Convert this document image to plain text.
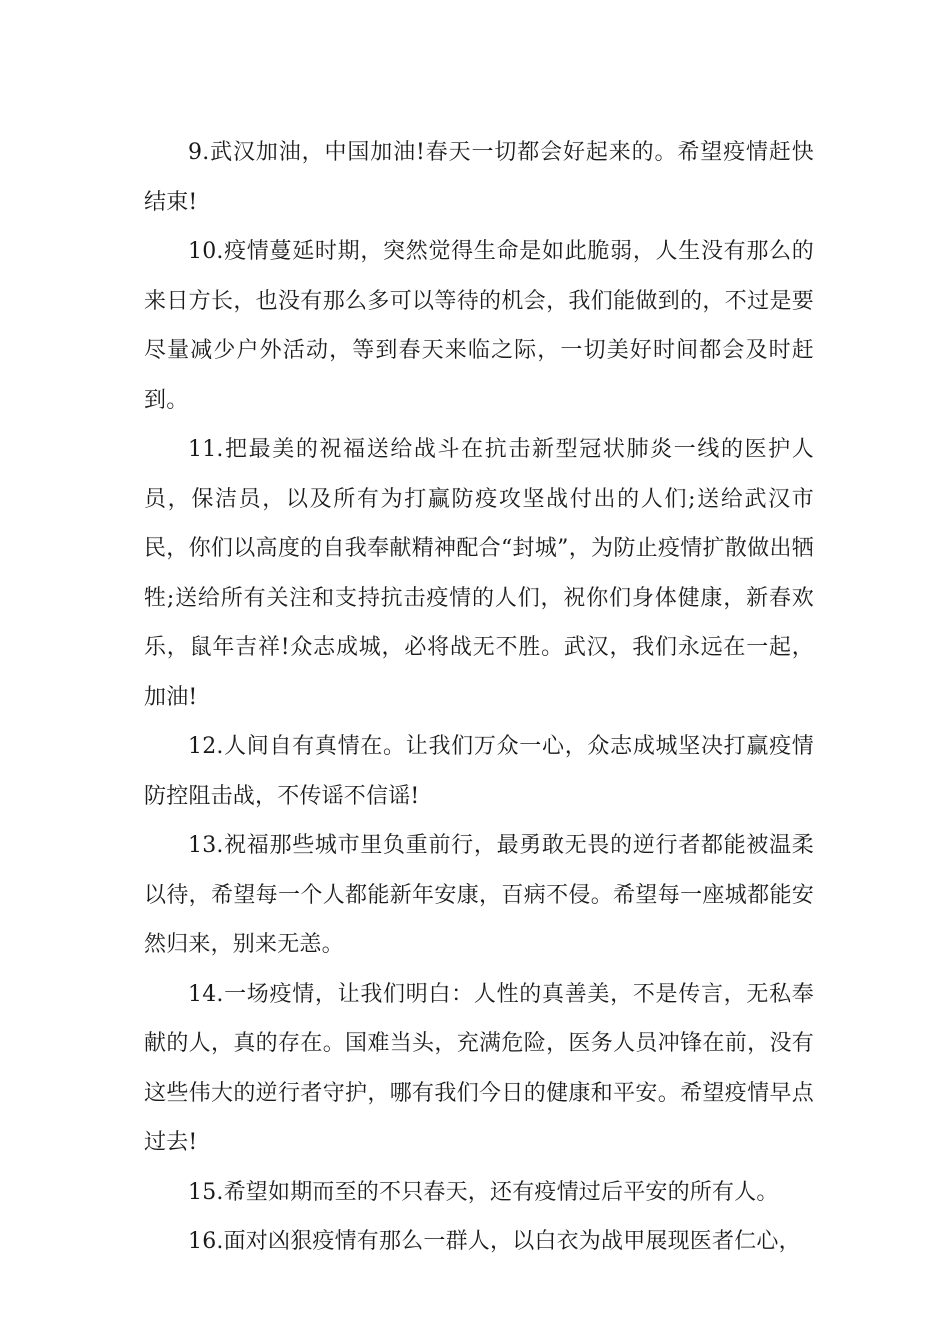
9.武汉加油，中国加油!春天一切都会好起来的。希望疫情赶快结束!

10.疫情蔓延时期，突然觉得生命是如此脆弱，人生没有那么的来日方长，也没有那么多可以等待的机会，我们能做到的，不过是要尽量减少户外活动，等到春天来临之际，一切美好时间都会及时赶到。

11.把最美的祝福送给战斗在抗击新型冠状肺炎一线的医护人员，保洁员，以及所有为打赢防疫攻坚战付出的人们;送给武汉市民，你们以高度的自我奉献精神配合“封城”，为防止疫情扩散做出牺牲;送给所有关注和支持抗击疫情的人们，祝你们身体健康，新春欢乐，鼠年吉祥!众志成城，必将战无不胜。武汉，我们永远在一起，加油!

12.人间自有真情在。让我们万众一心，众志成城坚决打赢疫情防控阻击战，不传谣不信谣!

13.祝福那些城市里负重前行，最勇敢无畏的逆行者都能被温柔以待，希望每一个人都能新年安康，百病不侵。希望每一座城都能安然归来，别来无恙。

14.一场疫情，让我们明白：人性的真善美，不是传言，无私奉献的人，真的存在。国难当头，充满危险，医务人员冲锋在前，没有这些伟大的逆行者守护，哪有我们今日的健康和平安。希望疫情早点过去!

15.希望如期而至的不只春天，还有疫情过后平安的所有人。

16.面对凶狠疫情有那么一群人，以白衣为战甲展现医者仁心，
